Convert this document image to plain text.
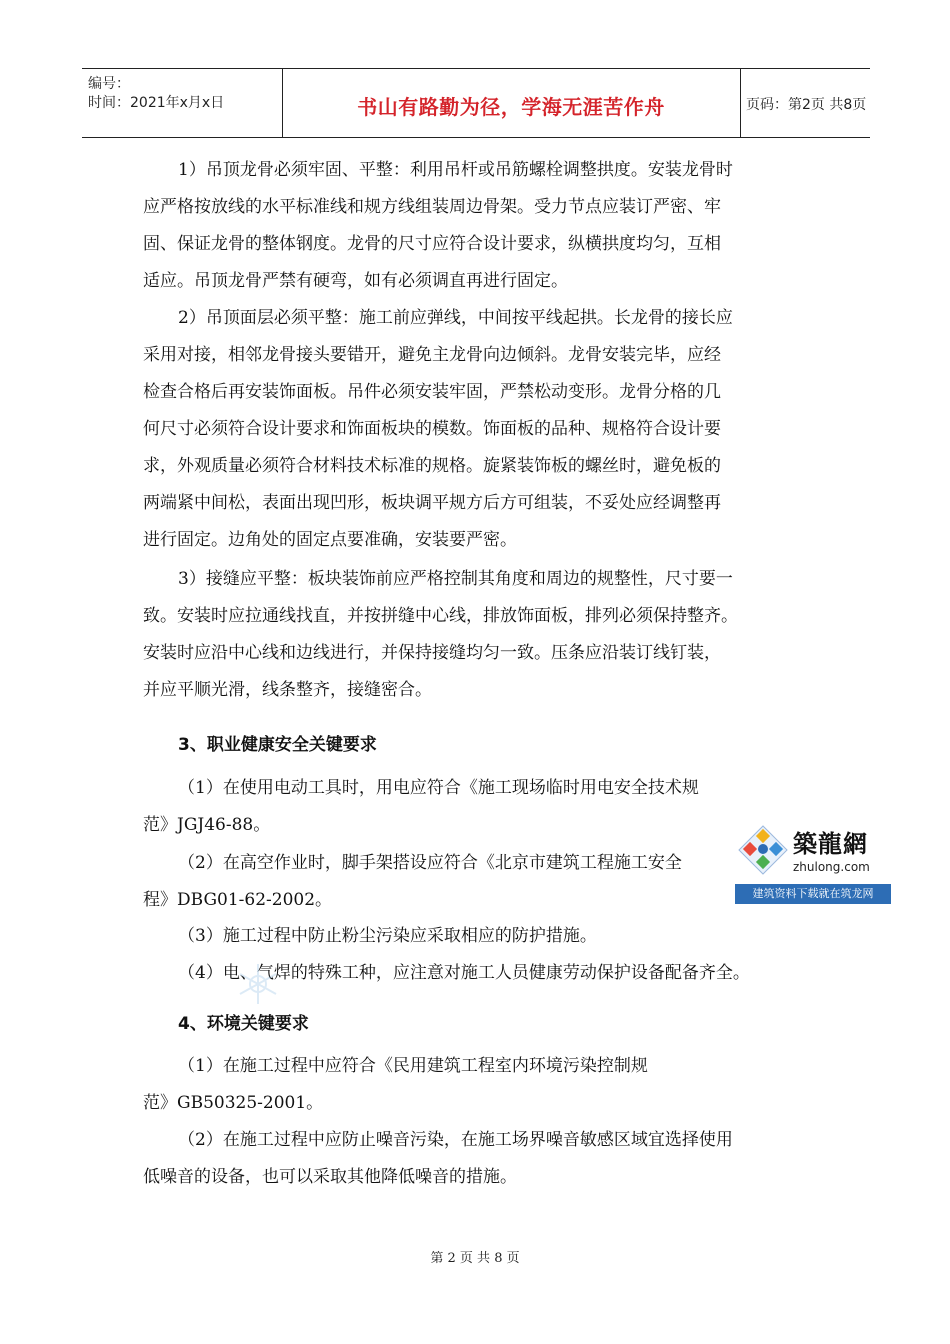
编号：
时间：2021年x月x日	书山有路勤为径，学海无涯苦作舟	页码：第2页 共8页
1）吊顶龙骨必须牢固、平整：利用吊杆或吊筋螺栓调整拱度。安装龙骨时
应严格按放线的水平标准线和规方线组装周边骨架。受力节点应装订严密、牢
固、保证龙骨的整体钢度。龙骨的尺寸应符合设计要求，纵横拱度均匀，互相
适应。吊顶龙骨严禁有硬弯，如有必须调直再进行固定。
2）吊顶面层必须平整：施工前应弹线，中间按平线起拱。长龙骨的接长应
采用对接，相邻龙骨接头要错开，避免主龙骨向边倾斜。龙骨安装完毕，应经
检查合格后再安装饰面板。吊件必须安装牢固，严禁松动变形。龙骨分格的几
何尺寸必须符合设计要求和饰面板块的模数。饰面板的品种、规格符合设计要
求，外观质量必须符合材料技术标准的规格。旋紧装饰板的螺丝时，避免板的
两端紧中间松，表面出现凹形，板块调平规方后方可组装，不妥处应经调整再
进行固定。边角处的固定点要准确，安装要严密。
3）接缝应平整：板块装饰前应严格控制其角度和周边的规整性，尺寸要一
致。安装时应拉通线找直，并按拼缝中心线，排放饰面板，排列必须保持整齐。
安装时应沿中心线和边线进行，并保持接缝均匀一致。压条应沿装订线钉装，
并应平顺光滑，线条整齐，接缝密合。
3、职业健康安全关键要求
（1）在使用电动工具时，用电应符合《施工现场临时用电安全技术规
范》JGJ46-88。
（2）在高空作业时，脚手架搭设应符合《北京市建筑工程施工安全
程》DBG01-62-2002。
（3）施工过程中防止粉尘污染应采取相应的防护措施。
（4）电、气焊的特殊工种，应注意对施工人员健康劳动保护设备配备齐全。
4、环境关键要求
（1）在施工过程中应符合《民用建筑工程室内环境污染控制规
范》GB50325-2001。
（2）在施工过程中应防止噪音污染，在施工场界噪音敏感区域宜选择使用
低噪音的设备，也可以采取其他降低噪音的措施。
築龍網
zhulong.com
建筑资料下载就在筑龙网
第 2 页 共 8 页
